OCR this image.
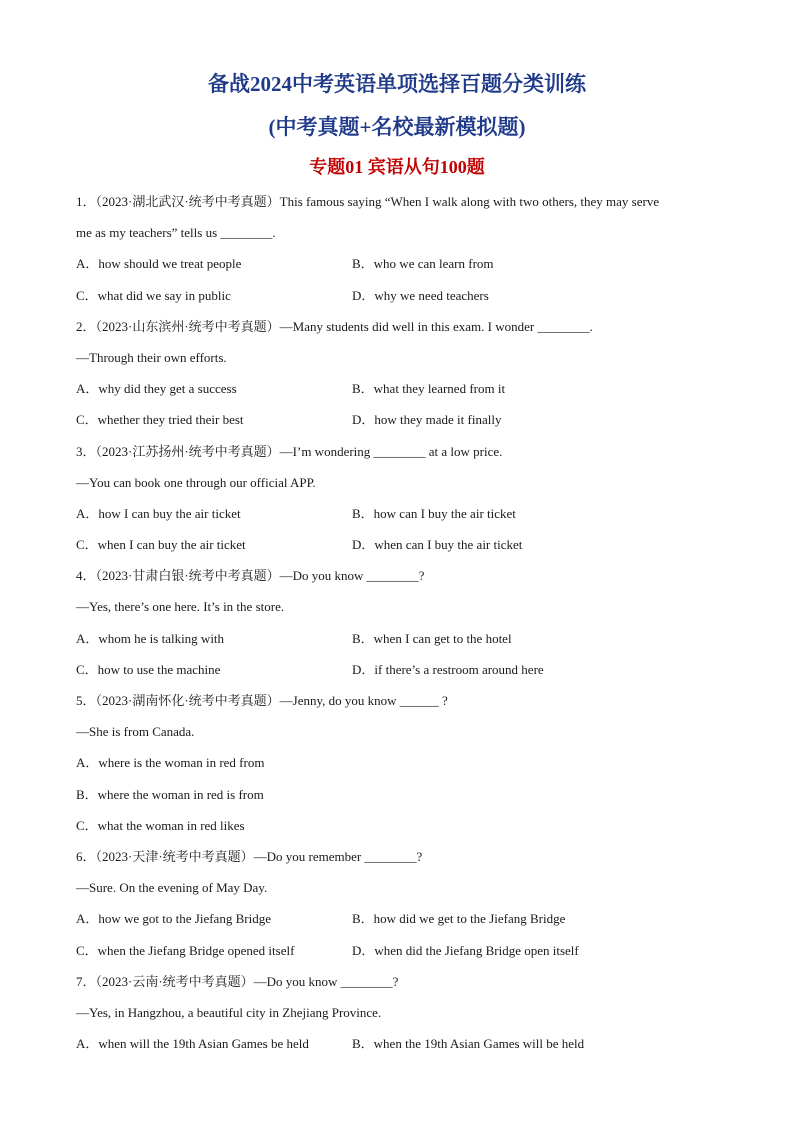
备战2024中考英语单项选择百题分类训练
(中考真题+名校最新模拟题)
专题01 宾语从句100题
1．（2023·湖北武汉·统考中考真题）This famous saying “When I walk along with two others, they may serve
me as my teachers” tells us ________.
A．how should we treat people	B．who we can learn from
C．what did we say in public	D．why we need teachers
2．（2023·山东滨州·统考中考真题）—Many students did well in this exam. I wonder ________.
—Through their own efforts.
A．why did they get a success	B．what they learned from it
C．whether they tried their best	D．how they made it finally
3．（2023·江苏扬州·统考中考真题）—I’m wondering ________ at a low price.
—You can book one through our official APP.
A．how I can buy the air ticket	B．how can I buy the air ticket
C．when I can buy the air ticket	D．when can I buy the air ticket
4．（2023·甘肃白银·统考中考真题）—Do you know ________?
—Yes, there’s one here. It’s in the store.
A．whom he is talking with	B．when I can get to the hotel
C．how to use the machine	D．if there’s a restroom around here
5．（2023·湖南怀化·统考中考真题）—Jenny, do you know ______ ?
—She is from Canada.
A．where is the woman in red from
B．where the woman in red is from
C．what the woman in red likes
6．（2023·天津·统考中考真题）—Do you remember ________?
—Sure. On the evening of May Day.
A．how we got to the Jiefang Bridge	B．how did we get to the Jiefang Bridge
C．when the Jiefang Bridge opened itself	D．when did the Jiefang Bridge open itself
7．（2023·云南·统考中考真题）—Do you know ________?
—Yes, in Hangzhou, a beautiful city in Zhejiang Province.
A．when will the 19th Asian Games be held	B．when the 19th Asian Games will be held
